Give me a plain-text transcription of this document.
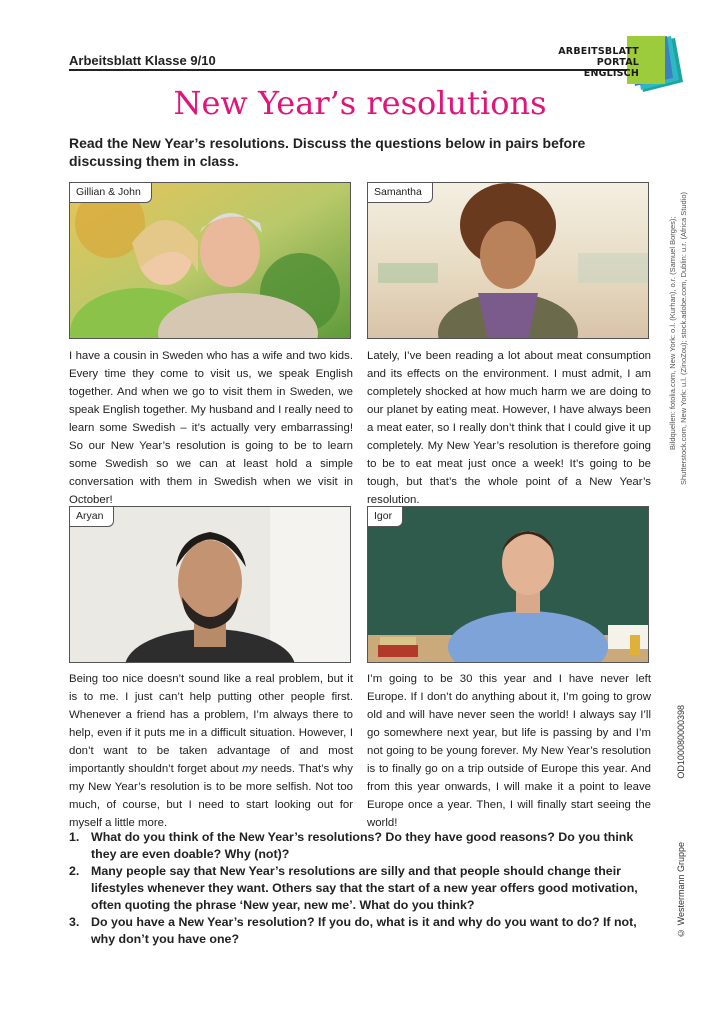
Arbeitsblatt Klasse 9/10
ARBEITSBLATT
PORTAL
ENGLISCH
New Year’s resolutions
Read the New Year’s resolutions. Discuss the questions below in pairs before discussing them in class.
Gillian & John
I have a cousin in Sweden who has a wife and two kids. Every time they come to visit us, we speak English together. And when we go to visit them in Sweden, we speak English together. My husband and I really need to learn some Swedish – it’s actually very embarrassing! So our New Year’s resolution is going to be to learn some Swedish so we can at least hold a simple conversation with them in Swedish when we visit in October!
Samantha
Lately, I’ve been reading a lot about meat consumption and its effects on the environment. I must admit, I am completely shocked at how much harm we are doing to our planet by eating meat. However, I have always been a meat eater, so I really don’t think that I could give it up completely. My New Year’s resolution is therefore going to be to eat meat just once a week! It’s going to be tough, but that’s the whole point of a New Year’s resolution.
Aryan
Being too nice doesn’t sound like a real problem, but it is to me. I just can’t help putting other people first. Whenever a friend has a problem, I’m always there to help, even if it puts me in a difficult situation. However, I don’t want to be taken advantage of and most importantly shouldn’t forget about my needs. That’s why my New Year’s resolution is to be more selfish. Not too much, of course, but I need to start looking out for myself a little more.
Igor
I’m going to be 30 this year and I have never left Europe. If I don’t do anything about it, I’m going to grow old and will have never seen the world! I always say I’ll go somewhere next year, but life is passing by and I’m not going to be young forever. My New Year’s resolution is to finally go on a trip outside of Europe this year. And from this year onwards, I will make it a point to leave Europe once a year. Then, I will finally start seeing the world!
1. What do you think of the New Year’s resolutions? Do they have good reasons? Do you think they are even doable? Why (not)?
2. Many people say that New Year’s resolutions are silly and that people should change their lifestyles whenever they want. Others say that the start of a new year offers good motivation, often quoting the phrase ‘New year, new me’. What do you think?
3. Do you have a New Year’s resolution? If you do, what is it and why do you want to do? If not, why don’t you have one?
Bildquellen: fotolia.com, New York: o.l. (Kurhan), o.r. (Samuel Borges); Shutterstock.com, New York: u.l. (ZinoZou); stock.adobe.com, Dublin: u.r. (Africa Studio)
OD100080000398
© Westermann Gruppe
